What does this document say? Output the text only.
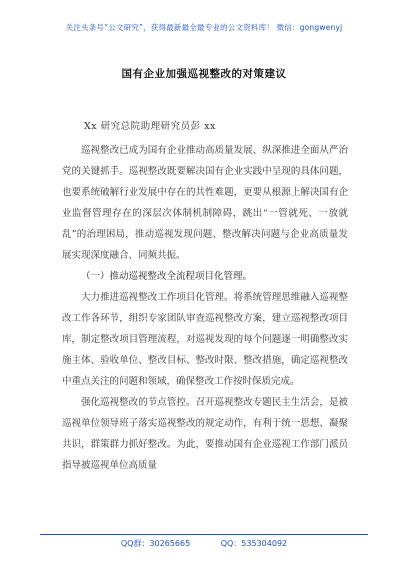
关注头条号“公文研究”，获得最新最全最专业的公文资料库！ 微信：gongwenyj
国有企业加强巡视整改的对策建议
Xx 研究总院助理研究员彭 xx

巡视整改已成为国有企业推动高质量发展、纵深推进全面从严治党的关键抓手。巡视整改既要解决国有企业实践中呈现的具体问题，也要系统破解行业发展中存在的共性难题，更要从根源上解决国有企业监督管理存在的深层次体制机制障碍，跳出“一管就死、一放就乱”的治理困局，推动巡视发现问题、整改解决问题与企业高质量发展实现深度融合、同频共振。

（一）推动巡视整改全流程项目化管理。

大力推进巡视整改工作项目化管理。将系统管理思维融入巡视整改工作各环节，组织专家团队审查巡视整改方案，建立巡视整改项目库，制定整改项目管理流程，对巡视发现的每个问题逐一明确整改实施主体、验收单位、整改目标、整改时限、整改措施，确定巡视整改中重点关注的问题和领域，确保整改工作按时保质完成。

强化巡视整改的节点管控。召开巡视整改专题民主生活会，是被巡视单位领导班子落实巡视整改的规定动作，有利于统一思想、凝聚共识，群策群力抓好整改。为此，要推动国有企业巡视工作部门派员指导被巡视单位高质量

QQ群：30265665	QQ：535304092
